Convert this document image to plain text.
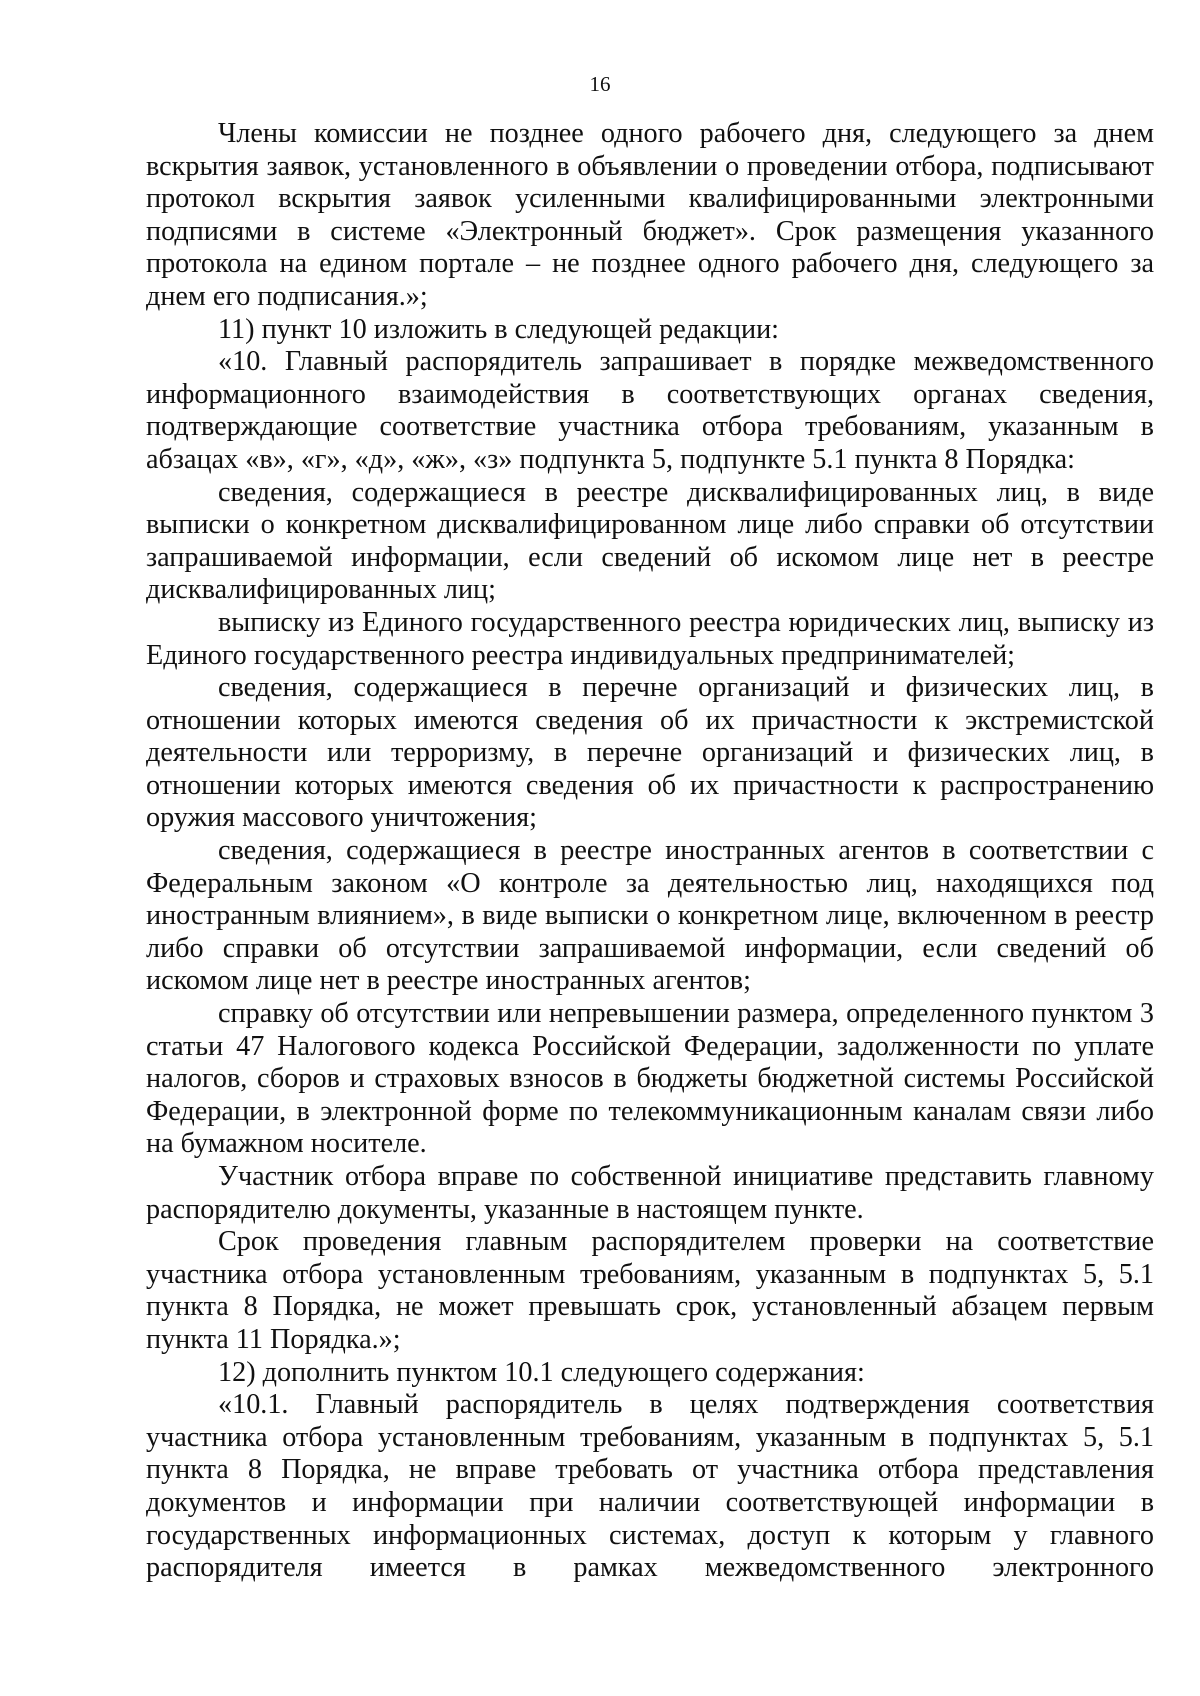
16

Члены комиссии не позднее одного рабочего дня, следующего за днем вскрытия заявок, установленного в объявлении о проведении отбора, подписывают протокол вскрытия заявок усиленными квалифицированными электронными подписями в системе «Электронный бюджет». Срок размещения указанного протокола на едином портале – не позднее одного рабочего дня, следующего за днем его подписания.»;

11) пункт 10 изложить в следующей редакции:

«10. Главный распорядитель запрашивает в порядке межведомственного информационного взаимодействия в соответствующих органах сведения, подтверждающие соответствие участника отбора требованиям, указанным в абзацах «в», «г», «д», «ж», «з» подпункта 5, подпункте 5.1 пункта 8 Порядка:

сведения, содержащиеся в реестре дисквалифицированных лиц, в виде выписки о конкретном дисквалифицированном лице либо справки об отсутствии запрашиваемой информации, если сведений об искомом лице нет в реестре дисквалифицированных лиц;

выписку из Единого государственного реестра юридических лиц, выписку из Единого государственного реестра индивидуальных предпринимателей;

сведения, содержащиеся в перечне организаций и физических лиц, в отношении которых имеются сведения об их причастности к экстремистской деятельности или терроризму, в перечне организаций и физических лиц, в отношении которых имеются сведения об их причастности к распространению оружия массового уничтожения;

сведения, содержащиеся в реестре иностранных агентов в соответствии с Федеральным законом «О контроле за деятельностью лиц, находящихся под иностранным влиянием», в виде выписки о конкретном лице, включенном в реестр либо справки об отсутствии запрашиваемой информации, если сведений об искомом лице нет в реестре иностранных агентов;

справку об отсутствии или непревышении размера, определенного пунктом 3 статьи 47 Налогового кодекса Российской Федерации, задолженности по уплате налогов, сборов и страховых взносов в бюджеты бюджетной системы Российской Федерации, в электронной форме по телекоммуникационным каналам связи либо на бумажном носителе.

Участник отбора вправе по собственной инициативе представить главному распорядителю документы, указанные в настоящем пункте.

Срок проведения главным распорядителем проверки на соответствие участника отбора установленным требованиям, указанным в подпунктах 5, 5.1 пункта 8 Порядка, не может превышать срок, установленный абзацем первым пункта 11 Порядка.»;

12) дополнить пунктом 10.1 следующего содержания:

«10.1. Главный распорядитель в целях подтверждения соответствия участника отбора установленным требованиям, указанным в подпунктах 5, 5.1 пункта 8 Порядка, не вправе требовать от участника отбора представления документов и информации при наличии соответствующей информации в государственных информационных системах, доступ к которым у главного распорядителя имеется в рамках межведомственного электронного
